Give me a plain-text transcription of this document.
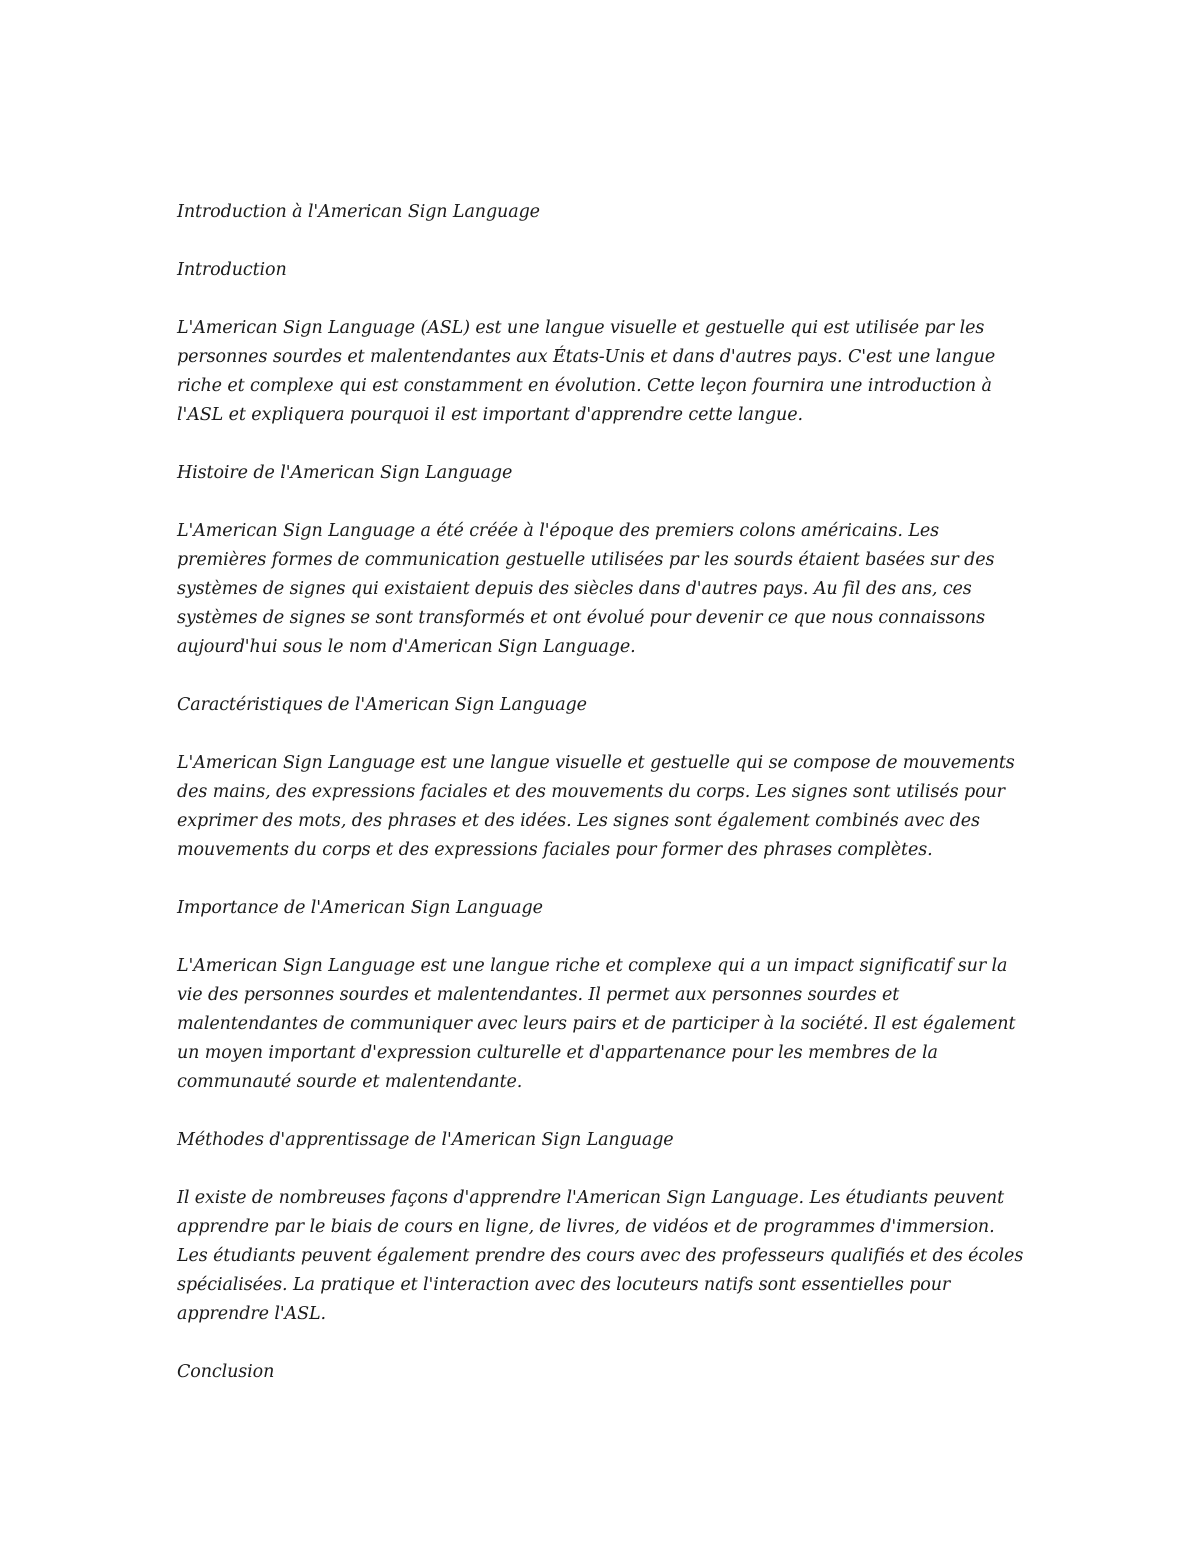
Introduction à l'American Sign Language

Introduction

L'American Sign Language (ASL) est une langue visuelle et gestuelle qui est utilisée par les
personnes sourdes et malentendantes aux États-Unis et dans d'autres pays. C'est une langue
riche et complexe qui est constamment en évolution. Cette leçon fournira une introduction à
l'ASL et expliquera pourquoi il est important d'apprendre cette langue.

Histoire de l'American Sign Language

L'American Sign Language a été créée à l'époque des premiers colons américains. Les
premières formes de communication gestuelle utilisées par les sourds étaient basées sur des
systèmes de signes qui existaient depuis des siècles dans d'autres pays. Au fil des ans, ces
systèmes de signes se sont transformés et ont évolué pour devenir ce que nous connaissons
aujourd'hui sous le nom d'American Sign Language.

Caractéristiques de l'American Sign Language

L'American Sign Language est une langue visuelle et gestuelle qui se compose de mouvements
des mains, des expressions faciales et des mouvements du corps. Les signes sont utilisés pour
exprimer des mots, des phrases et des idées. Les signes sont également combinés avec des
mouvements du corps et des expressions faciales pour former des phrases complètes.

Importance de l'American Sign Language

L'American Sign Language est une langue riche et complexe qui a un impact significatif sur la
vie des personnes sourdes et malentendantes. Il permet aux personnes sourdes et
malentendantes de communiquer avec leurs pairs et de participer à la société. Il est également
un moyen important d'expression culturelle et d'appartenance pour les membres de la
communauté sourde et malentendante.

Méthodes d'apprentissage de l'American Sign Language

Il existe de nombreuses façons d'apprendre l'American Sign Language. Les étudiants peuvent
apprendre par le biais de cours en ligne, de livres, de vidéos et de programmes d'immersion.
Les étudiants peuvent également prendre des cours avec des professeurs qualifiés et des écoles
spécialisées. La pratique et l'interaction avec des locuteurs natifs sont essentielles pour
apprendre l'ASL.

Conclusion
